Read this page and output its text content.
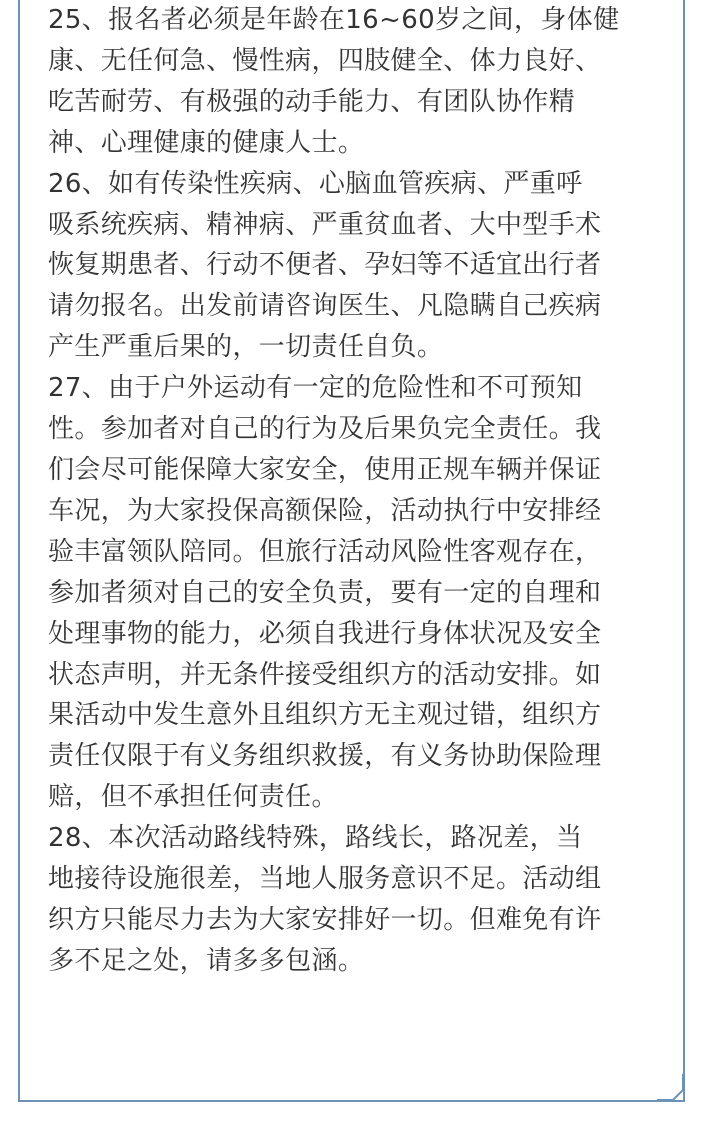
25、报名者必须是年龄在16~60岁之间，身体健
康、无任何急、慢性病，四肢健全、体力良好、
吃苦耐劳、有极强的动手能力、有团队协作精
神、心理健康的健康人士。
26、如有传染性疾病、心脑血管疾病、严重呼
吸系统疾病、精神病、严重贫血者、大中型手术
恢复期患者、行动不便者、孕妇等不适宜出行者
请勿报名。出发前请咨询医生、凡隐瞒自己疾病
产生严重后果的，一切责任自负。
27、由于户外运动有一定的危险性和不可预知
性。参加者对自己的行为及后果负完全责任。我
们会尽可能保障大家安全，使用正规车辆并保证
车况，为大家投保高额保险，活动执行中安排经
验丰富领队陪同。但旅行活动风险性客观存在，
参加者须对自己的安全负责，要有一定的自理和
处理事物的能力，必须自我进行身体状况及安全
状态声明，并无条件接受组织方的活动安排。如
果活动中发生意外且组织方无主观过错，组织方
责任仅限于有义务组织救援，有义务协助保险理
赔，但不承担任何责任。
28、本次活动路线特殊，路线长，路况差，当
地接待设施很差，当地人服务意识不足。活动组
织方只能尽力去为大家安排好一切。但难免有许
多不足之处，请多多包涵。
